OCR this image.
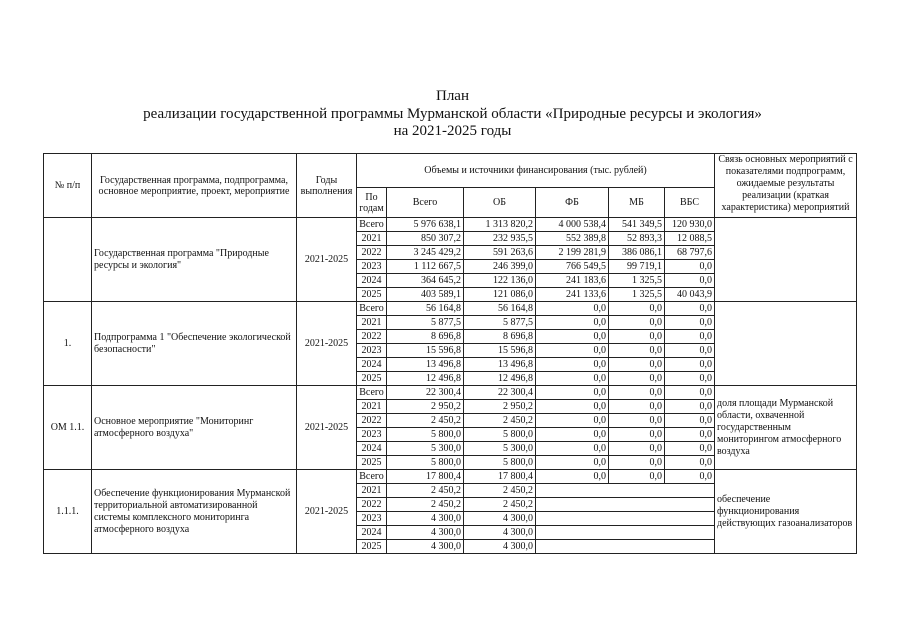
План
реализации государственной программы Мурманской области «Природные ресурсы и экология»
на 2021-2025 годы
№ п/п	Государственная программа, подпрограмма, основное мероприятие, проект, мероприятие	Годы выполнения	Объемы и источники финансирования (тыс. рублей)						Связь основных мероприятий с показателями подпрограмм, ожидаемые результаты реализации (краткая характеристика) мероприятий
			По годам	Всего	ОБ	ФБ	МБ	ВБС	
	Государственная программа "Природные ресурсы и экология"	2021-2025	Всего	5 976 638,1	1 313 820,2	4 000 538,4	541 349,5	120 930,0	
			2021	850 307,2	232 935,5	552 389,8	52 893,3	12 088,5	
			2022	3 245 429,2	591 263,6	2 199 281,9	386 086,1	68 797,6	
			2023	1 112 667,5	246 399,0	766 549,5	99 719,1	0,0	
			2024	364 645,2	122 136,0	241 183,6	1 325,5	0,0	
			2025	403 589,1	121 086,0	241 133,6	1 325,5	40 043,9	
1.	Подпрограмма 1 "Обеспечение экологической безопасности"	2021-2025	Всего	56 164,8	56 164,8	0,0	0,0	0,0	
			2021	5 877,5	5 877,5	0,0	0,0	0,0	
			2022	8 696,8	8 696,8	0,0	0,0	0,0	
			2023	15 596,8	15 596,8	0,0	0,0	0,0	
			2024	13 496,8	13 496,8	0,0	0,0	0,0	
			2025	12 496,8	12 496,8	0,0	0,0	0,0	
ОМ 1.1.	Основное мероприятие "Мониторинг атмосферного воздуха"	2021-2025	Всего	22 300,4	22 300,4	0,0	0,0	0,0	доля площади Мурманской области, охваченной государственным мониторингом атмосферного воздуха
			2021	2 950,2	2 950,2	0,0	0,0	0,0	
			2022	2 450,2	2 450,2	0,0	0,0	0,0	
			2023	5 800,0	5 800,0	0,0	0,0	0,0	
			2024	5 300,0	5 300,0	0,0	0,0	0,0	
			2025	5 800,0	5 800,0	0,0	0,0	0,0	
1.1.1.	Обеспечение функционирования Мурманской территориальной автоматизированной системы комплексного мониторинга атмосферного воздуха	2021-2025	Всего	17 800,4	17 800,4	0,0	0,0	0,0	обеспечение функционирования действующих газоанализаторов
			2021	2 450,2	2 450,2				
			2022	2 450,2	2 450,2				
			2023	4 300,0	4 300,0				
			2024	4 300,0	4 300,0				
			2025	4 300,0	4 300,0				
